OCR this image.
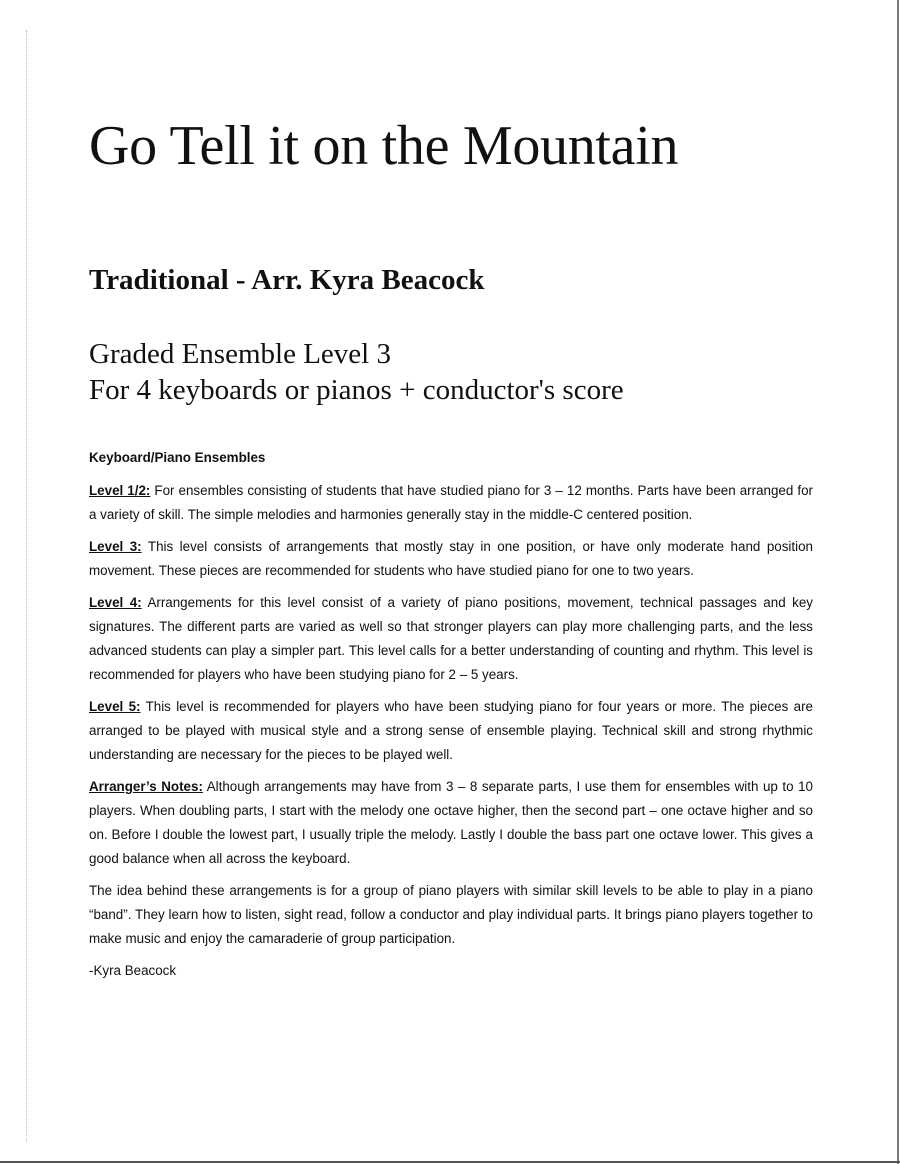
Go Tell it on the Mountain
Traditional - Arr. Kyra Beacock
Graded Ensemble Level 3
For 4 keyboards or pianos + conductor's score

Keyboard/Piano Ensembles

Level 1/2: For ensembles consisting of students that have studied piano for 3 – 12 months. Parts have been arranged for a variety of skill. The simple melodies and harmonies generally stay in the middle-C centered position.

Level 3: This level consists of arrangements that mostly stay in one position, or have only moderate hand position movement. These pieces are recommended for students who have studied piano for one to two years.

Level 4: Arrangements for this level consist of a variety of piano positions, movement, technical passages and key signatures. The different parts are varied as well so that stronger players can play more challenging parts, and the less advanced students can play a simpler part. This level calls for a better understanding of counting and rhythm. This level is recommended for players who have been studying piano for 2 – 5 years.

Level 5: This level is recommended for players who have been studying piano for four years or more. The pieces are arranged to be played with musical style and a strong sense of ensemble playing. Technical skill and strong rhythmic understanding are necessary for the pieces to be played well.

Arranger’s Notes: Although arrangements may have from 3 – 8 separate parts, I use them for ensembles with up to 10 players. When doubling parts, I start with the melody one octave higher, then the second part – one octave higher and so on. Before I double the lowest part, I usually triple the melody. Lastly I double the bass part one octave lower. This gives a good balance when all across the keyboard.

The idea behind these arrangements is for a group of piano players with similar skill levels to be able to play in a piano “band”. They learn how to listen, sight read, follow a conductor and play individual parts. It brings piano players together to make music and enjoy the camaraderie of group participation.

-Kyra Beacock
